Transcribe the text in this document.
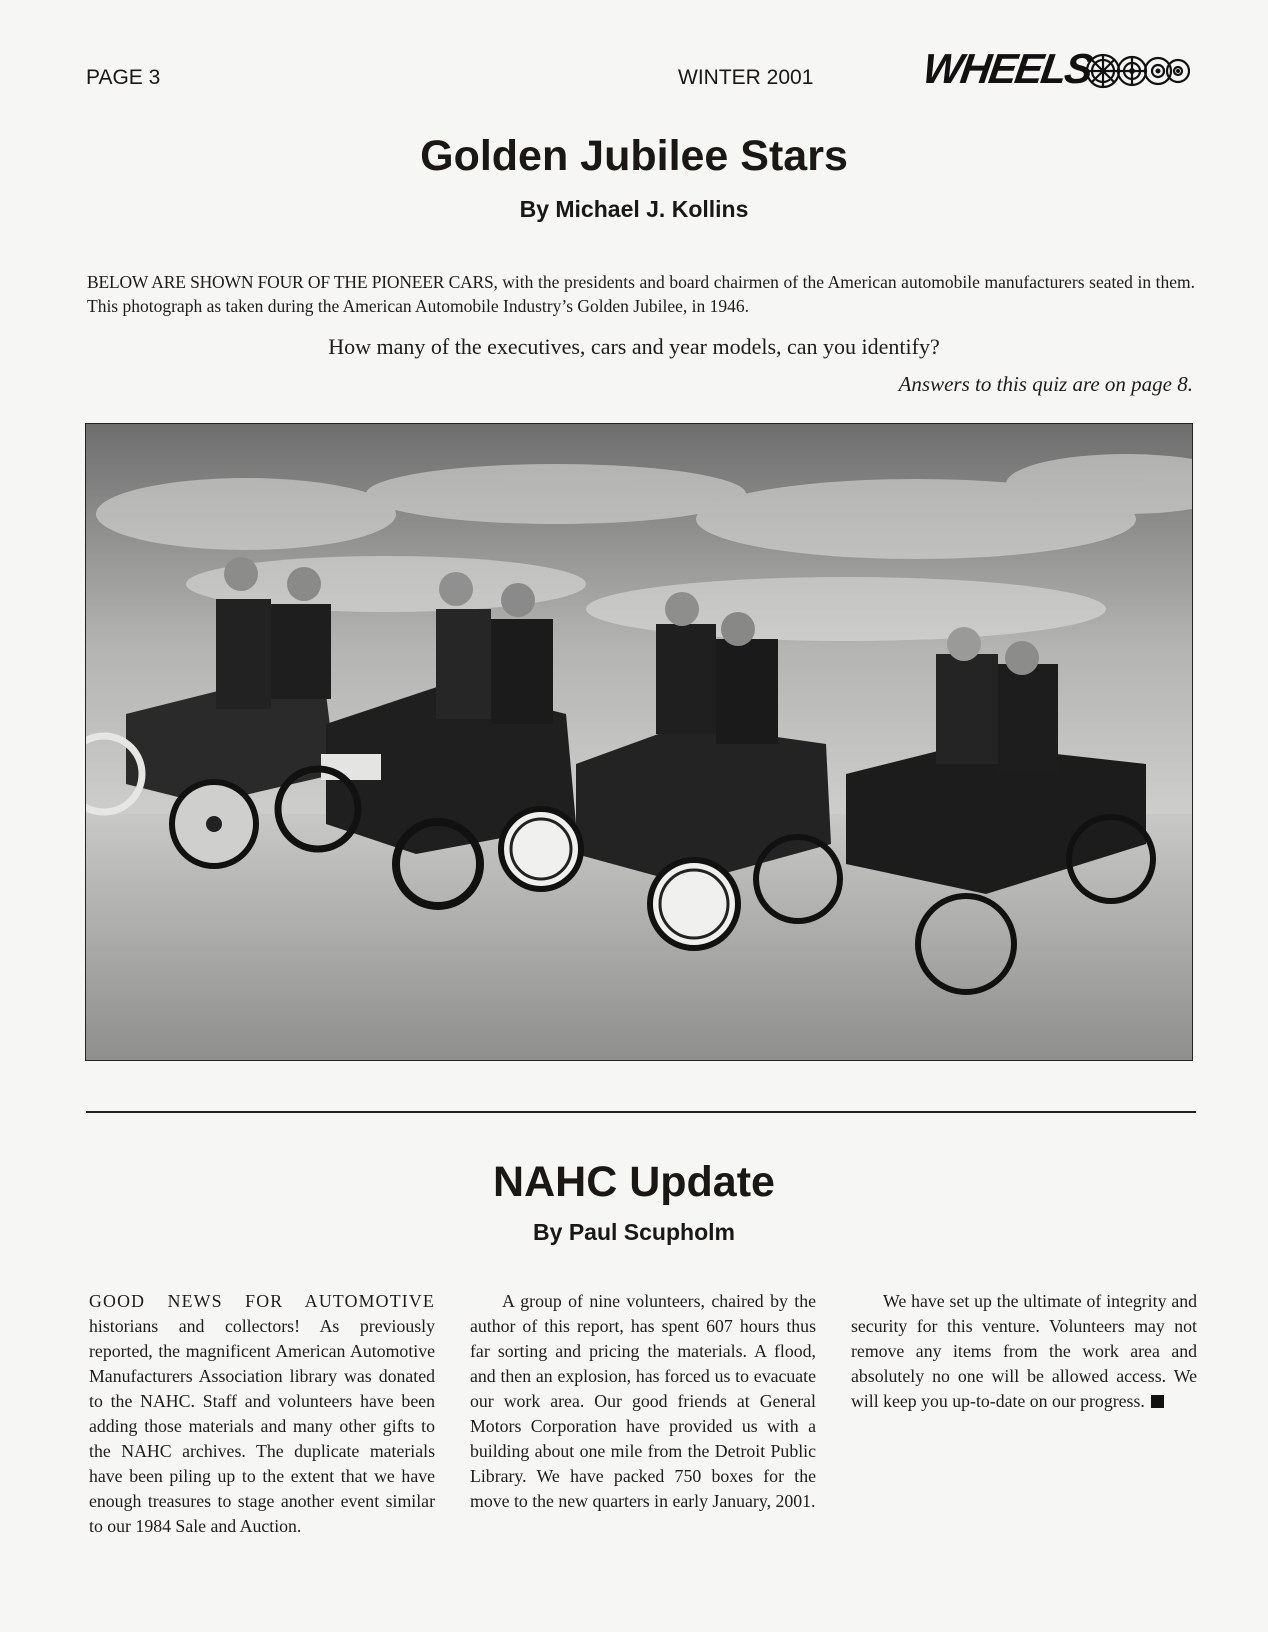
PAGE 3	WINTER 2001	WHEELS
Golden Jubilee Stars
By Michael J. Kollins
BELOW ARE SHOWN FOUR OF THE PIONEER CARS, with the presidents and board chairmen of the American automobile manufacturers seated in them. This photograph as taken during the American Automobile Industry’s Golden Jubilee, in 1946.
How many of the executives, cars and year models, can you identify?
Answers to this quiz are on page 8.
NAHC Update
By Paul Scupholm

GOOD NEWS FOR AUTOMOTIVE historians and collectors! As previously reported, the magnificent American Automotive Manufacturers Association library was donated to the NAHC. Staff and volunteers have been adding those materials and many other gifts to the NAHC archives. The duplicate materials have been piling up to the extent that we have enough treasures to stage another event similar to our 1984 Sale and Auction.

A group of nine volunteers, chaired by the author of this report, has spent 607 hours thus far sorting and pricing the materials. A flood, and then an explosion, has forced us to evacuate our work area. Our good friends at General Motors Corporation have provided us with a building about one mile from the Detroit Public Library. We have packed 750 boxes for the move to the new quarters in early January, 2001.

We have set up the ultimate of integrity and security for this venture. Volunteers may not remove any items from the work area and absolutely no one will be allowed access. We will keep you up-to-date on our progress.
